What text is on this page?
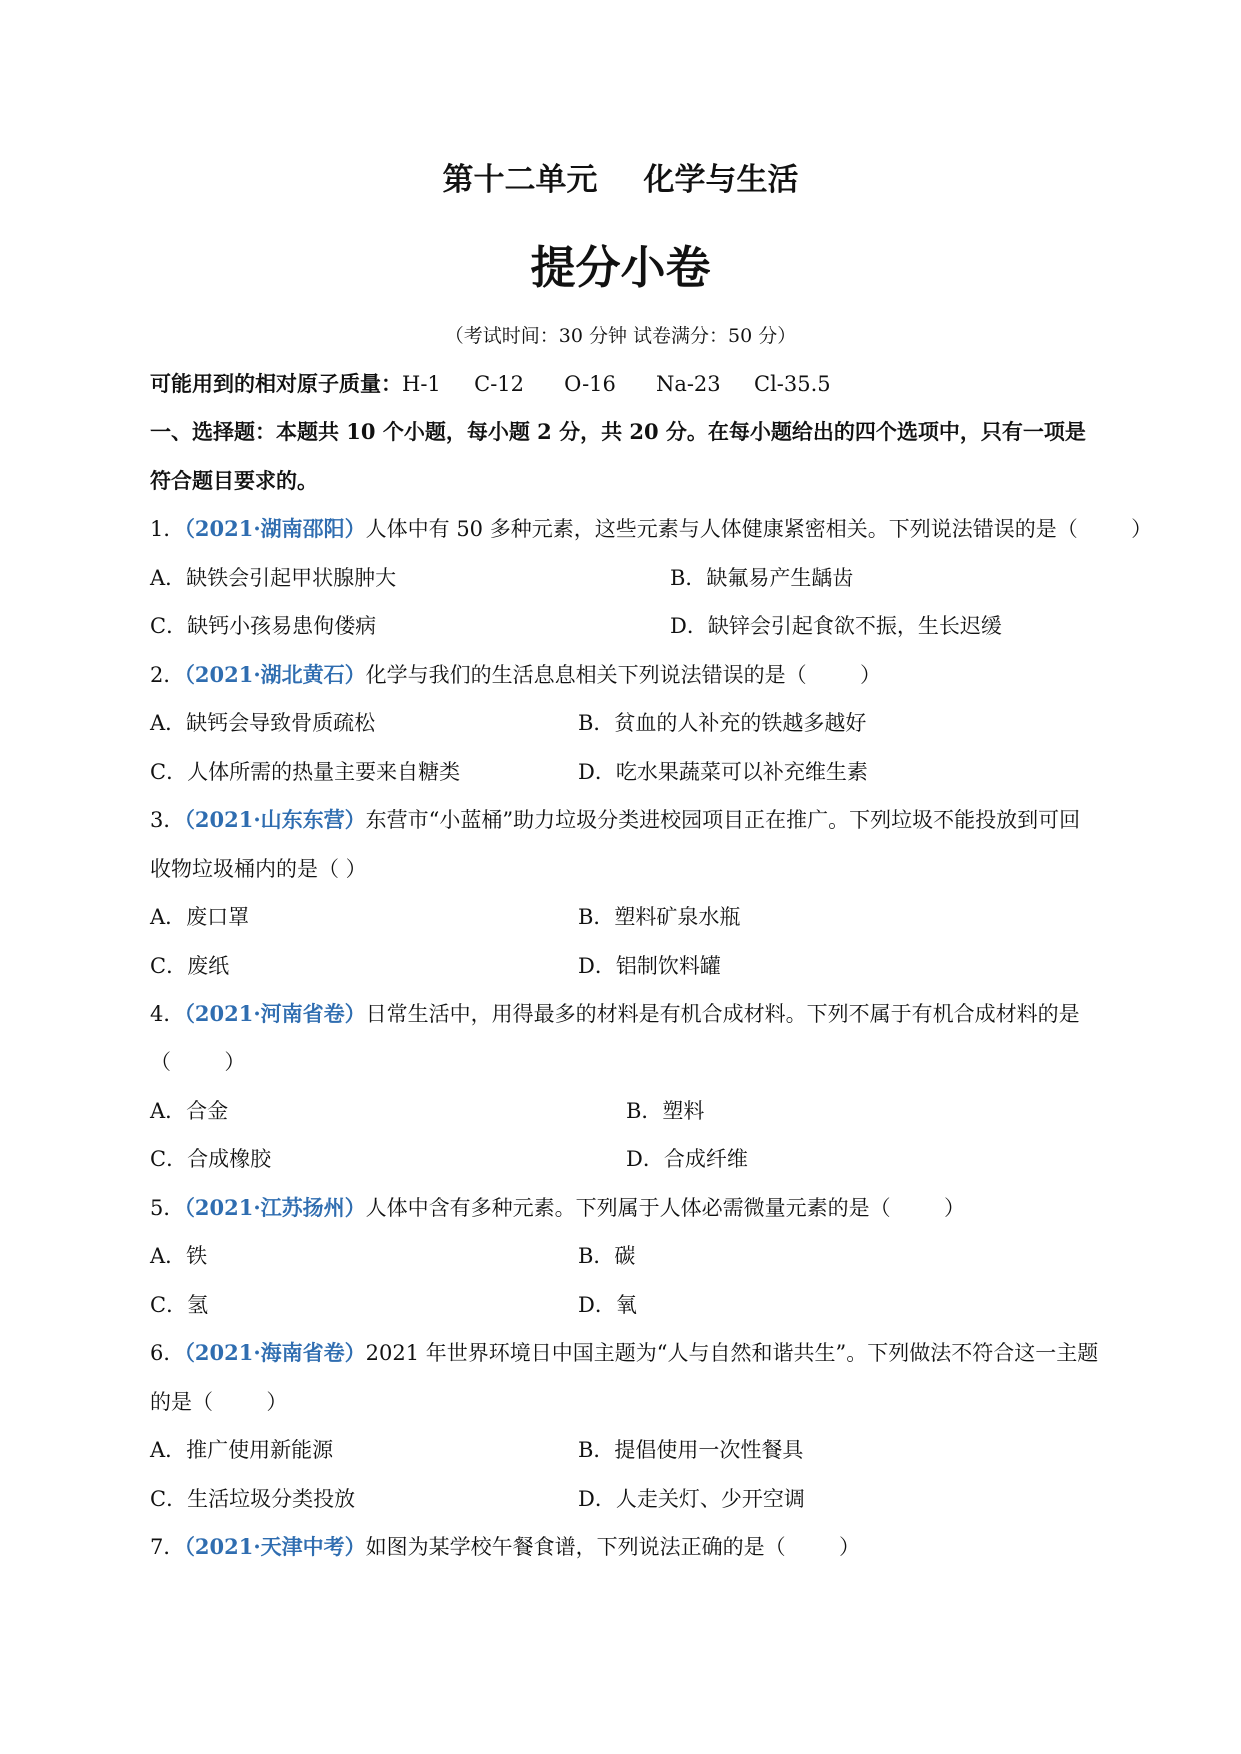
第十二单元 化学与生活
提分小卷
（考试时间：30 分钟 试卷满分：50 分）
可能用到的相对原子质量：H-1     C-12      O-16      Na-23     Cl-35.5
一、选择题：本题共 10 个小题，每小题 2 分，共 20 分。在每小题给出的四个选项中，只有一项是
符合题目要求的。
1．（2021·湖南邵阳）人体中有 50 多种元素，这些元素与人体健康紧密相关。下列说法错误的是（        ）
A．缺铁会引起甲状腺肿大	B．缺氟易产生龋齿
C．缺钙小孩易患佝偻病	D．缺锌会引起食欲不振，生长迟缓
2．（2021·湖北黄石）化学与我们的生活息息相关下列说法错误的是（        ）
A．缺钙会导致骨质疏松	B．贫血的人补充的铁越多越好
C．人体所需的热量主要来自糖类	D．吃水果蔬菜可以补充维生素
3．（2021·山东东营）东营市“小蓝桶”助力垃圾分类进校园项目正在推广。下列垃圾不能投放到可回
收物垃圾桶内的是（ ）
A．废口罩	B．塑料矿泉水瓶
C．废纸	D．铝制饮料罐
4．（2021·河南省卷）日常生活中，用得最多的材料是有机合成材料。下列不属于有机合成材料的是
（        ）
A．合金	B．塑料
C．合成橡胶	D．合成纤维
5．（2021·江苏扬州）人体中含有多种元素。下列属于人体必需微量元素的是（        ）
A．铁	B．碳
C．氢	D．氧
6．（2021·海南省卷）2021 年世界环境日中国主题为“人与自然和谐共生”。下列做法不符合这一主题
的是（        ）
A．推广使用新能源	B．提倡使用一次性餐具
C．生活垃圾分类投放	D．人走关灯、少开空调
7．（2021·天津中考）如图为某学校午餐食谱，下列说法正确的是（        ）
